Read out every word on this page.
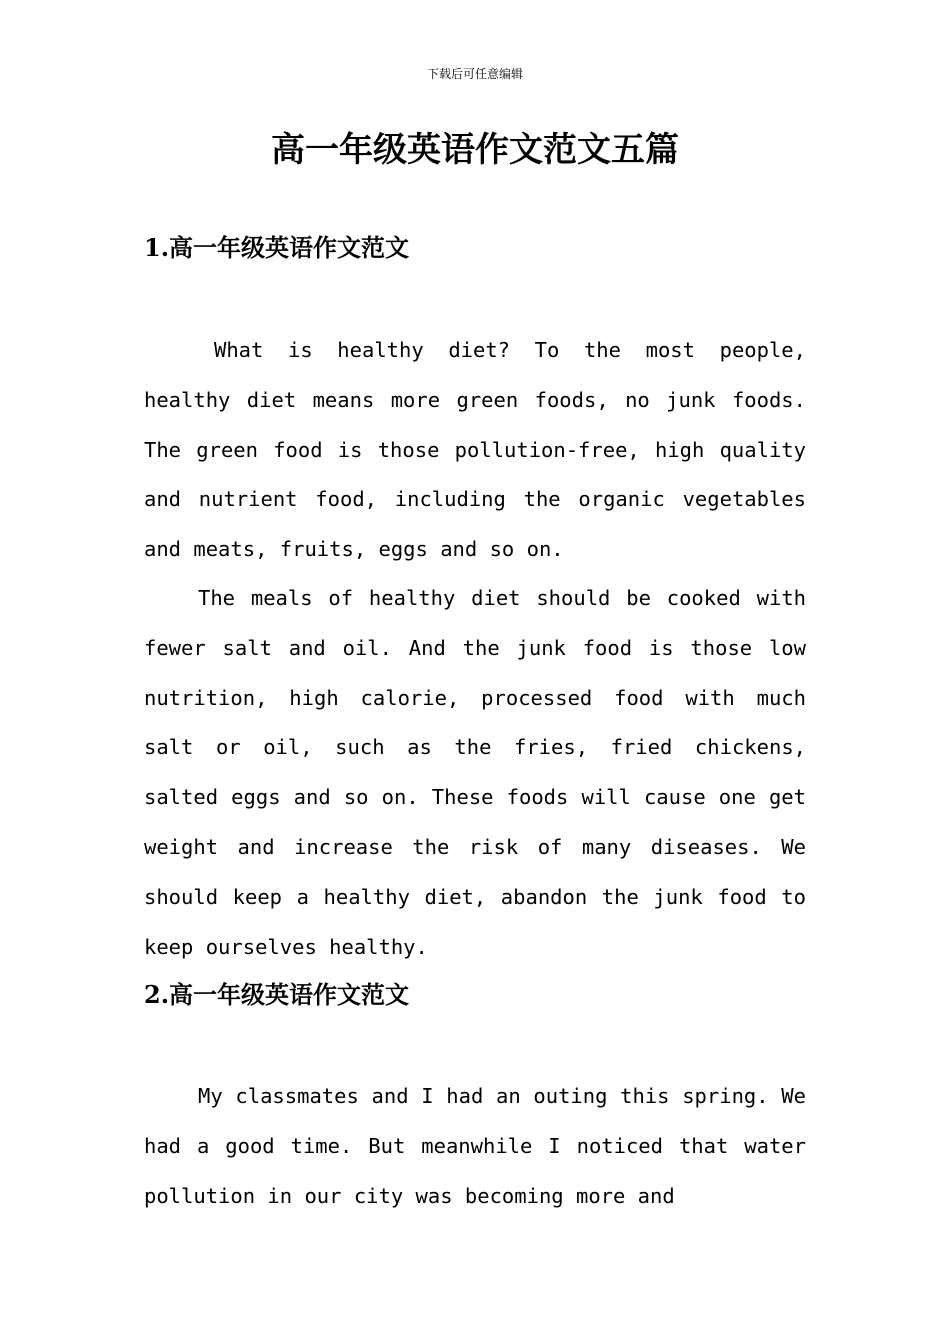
下载后可任意编辑
高一年级英语作文范文五篇
1.高一年级英语作文范文

What is healthy diet? To the most people, healthy diet means more green foods, no junk foods. The green food is those pollution-free, high quality and nutrient food, including the organic vegetables and meats, fruits, eggs and so on.

The meals of healthy diet should be cooked with fewer salt and oil. And the junk food is those low nutrition, high calorie, processed food with much salt or oil, such as the fries, fried chickens, salted eggs and so on. These foods will cause one get weight and increase the risk of many diseases. We should keep a healthy diet, abandon the junk food to keep ourselves healthy.

2.高一年级英语作文范文

My classmates and I had an outing this spring. We had a good time. But meanwhile I noticed that water pollution in our city was becoming more and
